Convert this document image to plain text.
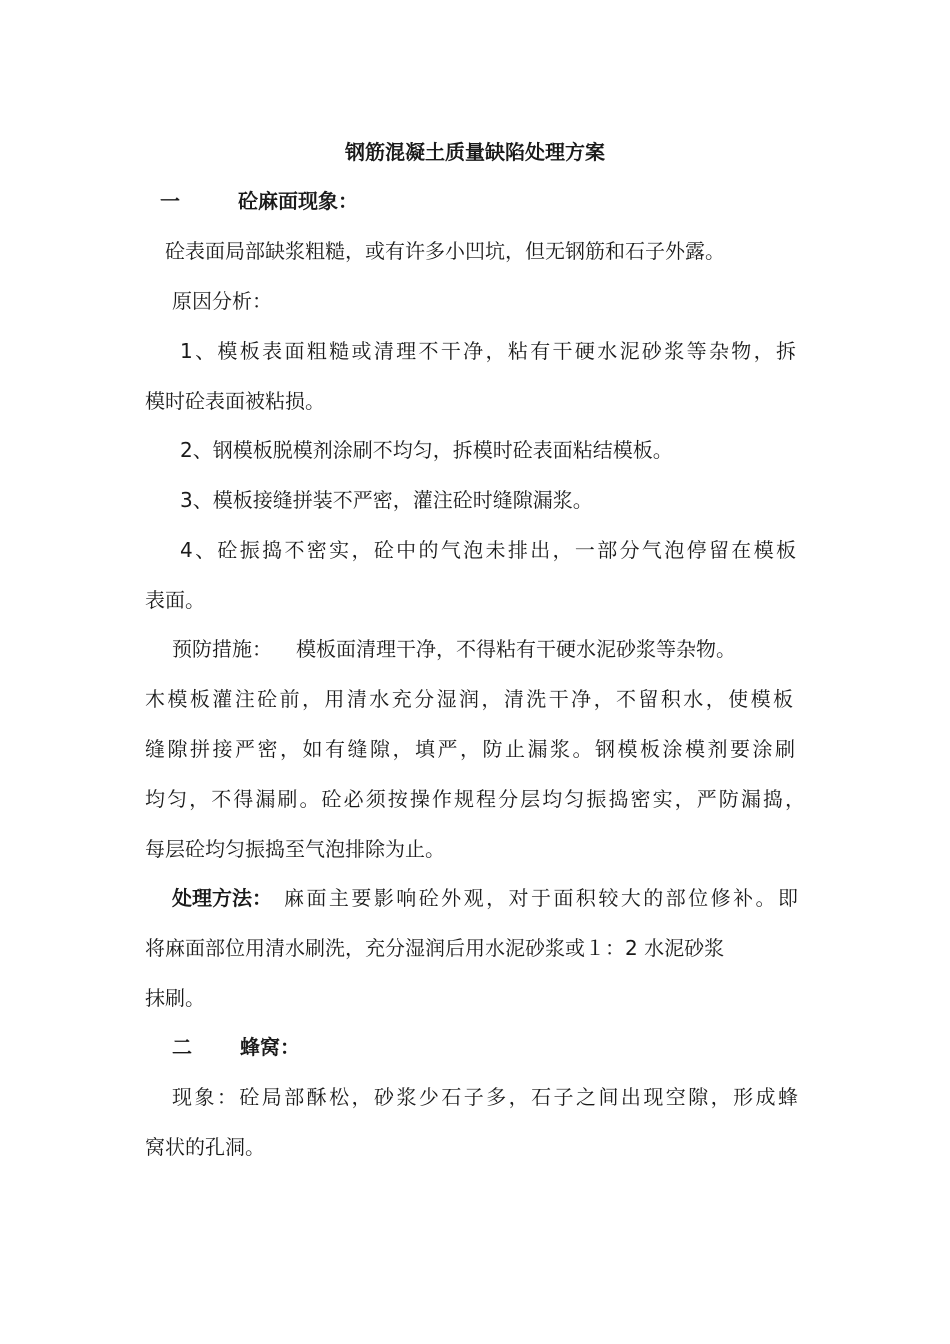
钢筋混凝土质量缺陷处理方案
一	砼麻面现象：
砼表面局部缺浆粗糙，或有许多小凹坑，但无钢筋和石子外露。
原因分析：
1、模板表面粗糙或清理不干净，粘有干硬水泥砂浆等杂物，拆
模时砼表面被粘损。
2、钢模板脱模剂涂刷不均匀，拆模时砼表面粘结模板。
3、模板接缝拼装不严密，灌注砼时缝隙漏浆。
4、砼振捣不密实，砼中的气泡未排出，一部分气泡停留在模板
表面。
预防措施：	模板面清理干净，不得粘有干硬水泥砂浆等杂物。
木模板灌注砼前，用清水充分湿润，清洗干净，不留积水，使模板
缝隙拼接严密，如有缝隙，填严，防止漏浆。钢模板涂模剂要涂刷
均匀，不得漏刷。砼必须按操作规程分层均匀振捣密实，严防漏捣，
每层砼均匀振捣至气泡排除为止。
处理方法： 麻面主要影响砼外观，对于面积较大的部位修补。即
将麻面部位用清水刷洗，充分湿润后用水泥砂浆或１：2 水泥砂浆
抹刷。
二	蜂窝：
现象：砼局部酥松，砂浆少石子多，石子之间出现空隙，形成蜂
窝状的孔洞。
